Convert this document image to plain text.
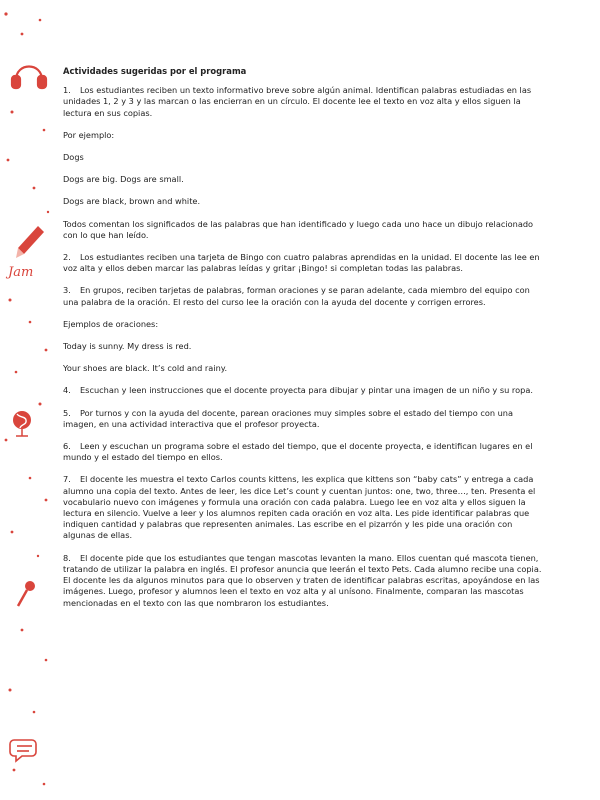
Jam
Actividades sugeridas por el programa
1. Los estudiantes reciben un texto informativo breve sobre algún animal. Identifican palabras estudiadas en las unidades 1, 2 y 3 y las marcan o las encierran en un círculo. El docente lee el texto en voz alta y ellos siguen la lectura en sus copias.
Por ejemplo:
Dogs
Dogs are big. Dogs are small.
Dogs are black, brown and white.
Todos comentan los significados de las palabras que han identificado y luego cada uno hace un dibujo relacionado con lo que han leído.
2. Los estudiantes reciben una tarjeta de Bingo con cuatro palabras aprendidas en la unidad. El docente las lee en voz alta y ellos deben marcar las palabras leídas y gritar ¡Bingo! si completan todas las palabras.
3. En grupos, reciben tarjetas de palabras, forman oraciones y se paran adelante, cada miembro del equipo con una palabra de la oración. El resto del curso lee la oración con la ayuda del docente y corrigen errores.
Ejemplos de oraciones:
Today is sunny. My dress is red.
Your shoes are black. It’s cold and rainy.
4. Escuchan y leen instrucciones que el docente proyecta para dibujar y pintar una imagen de un niño y su ropa.
5. Por turnos y con la ayuda del docente, parean oraciones muy simples sobre el estado del tiempo con una imagen, en una actividad interactiva que el profesor proyecta.
6. Leen y escuchan un programa sobre el estado del tiempo, que el docente proyecta, e identifican lugares en el mundo y el estado del tiempo en ellos.
7. El docente les muestra el texto Carlos counts kittens, les explica que kittens son “baby cats” y entrega a cada alumno una copia del texto. Antes de leer, les dice Let’s count y cuentan juntos: one, two, three…, ten. Presenta el vocabulario nuevo con imágenes y formula una oración con cada palabra. Luego lee en voz alta y ellos siguen la lectura en silencio. Vuelve a leer y los alumnos repiten cada oración en voz alta. Les pide identificar palabras que indiquen cantidad y palabras que representen animales. Las escribe en el pizarrón y les pide una oración con algunas de ellas.
8. El docente pide que los estudiantes que tengan mascotas levanten la mano. Ellos cuentan qué mascota tienen, tratando de utilizar la palabra en inglés. El profesor anuncia que leerán el texto Pets. Cada alumno recibe una copia. El docente les da algunos minutos para que lo observen y traten de identificar palabras escritas, apoyándose en las imágenes. Luego, profesor y alumnos leen el texto en voz alta y al unísono. Finalmente, comparan las mascotas mencionadas en el texto con las que nombraron los estudiantes.
